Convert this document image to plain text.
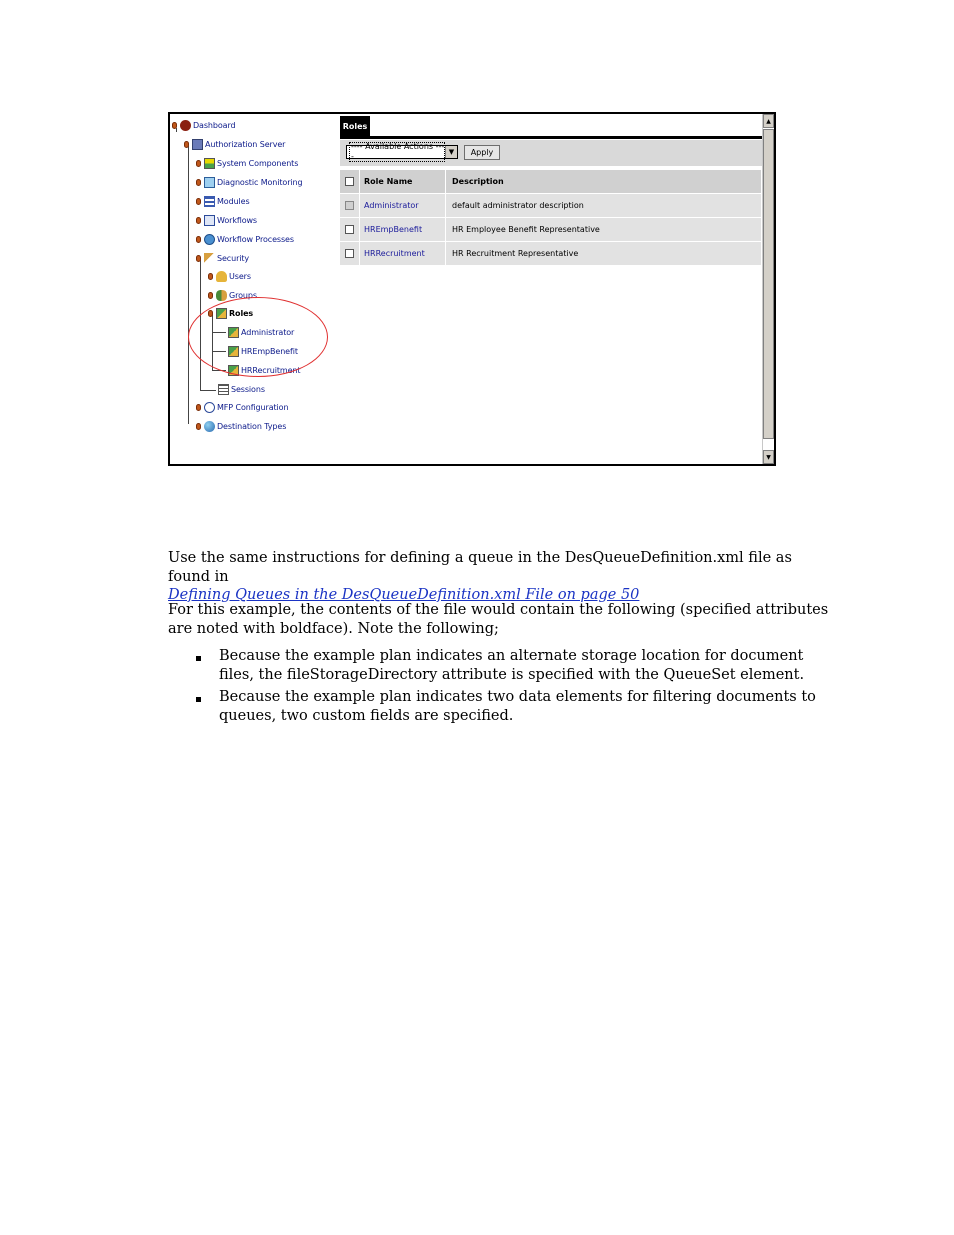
Dashboard
Authorization Server
System Components
Diagnostic Monitoring
Modules
Workflows
Workflow Processes
Security
Users
Groups
Roles
Administrator
HREmpBenefit
HRRecruitment
Sessions
MFP Configuration
Destination Types
Roles
---- Available Actions ----	▼	Apply
Role Name	Description
Administrator	default administrator description
HREmpBenefit	HR Employee Benefit Representative
HRRecruitment	HR Recruitment Representative
▲
▼
Use the same instructions for defining a queue in the DesQueueDefinition.xml file as found in
Defining Queues in the DesQueueDefinition.xml File on page 50
For this example, the contents of the file would contain the following (specified attributes are noted with boldface). Note the following;
Because the example plan indicates an alternate storage location for document files, the fileStorageDirectory attribute is specified with the QueueSet element.
Because the example plan indicates two data elements for filtering documents to queues, two custom fields are specified.
